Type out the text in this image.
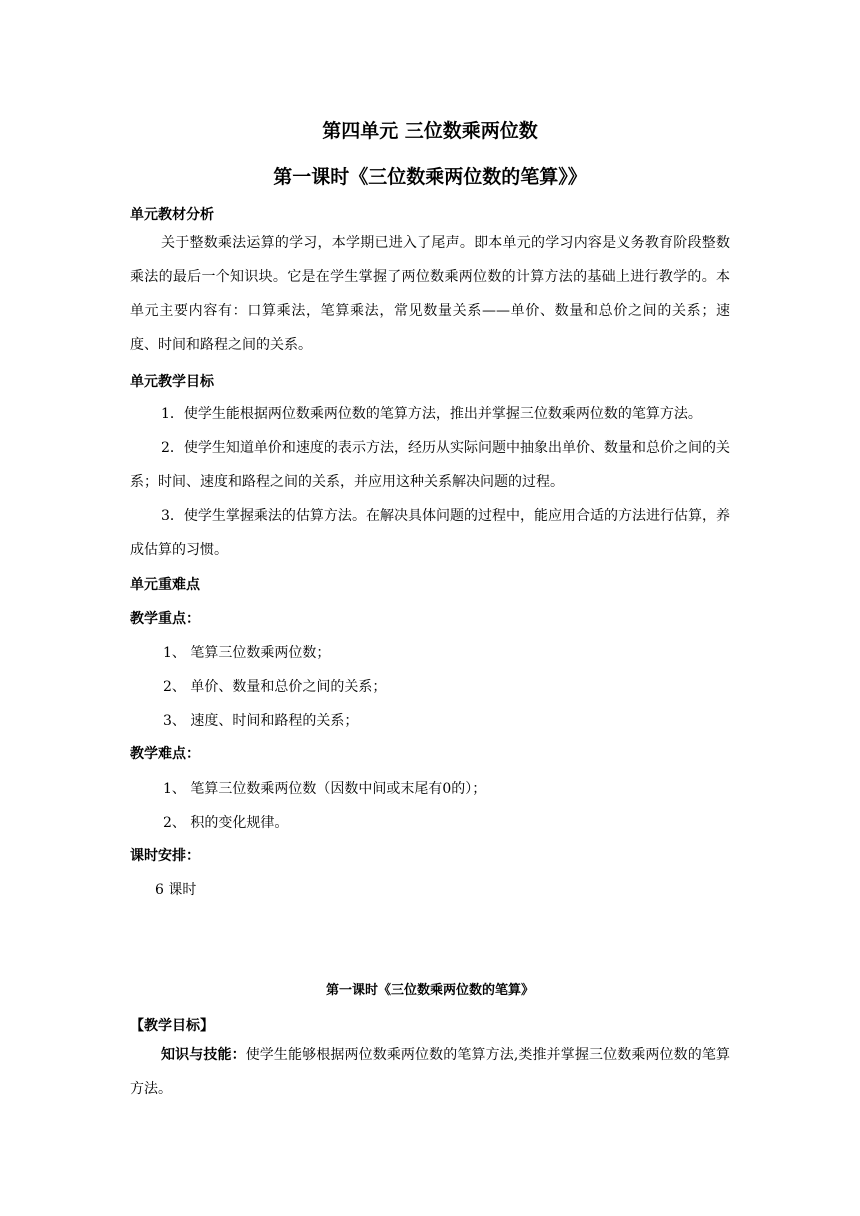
第四单元 三位数乘两位数
第一课时《三位数乘两位数的笔算》》
单元教材分析

关于整数乘法运算的学习，本学期已进入了尾声。即本单元的学习内容是义务教育阶段整数乘法的最后一个知识块。它是在学生掌握了两位数乘两位数的计算方法的基础上进行教学的。本单元主要内容有：口算乘法，笔算乘法，常见数量关系——单价、数量和总价之间的关系；速度、时间和路程之间的关系。

单元教学目标

1．使学生能根据两位数乘两位数的笔算方法，推出并掌握三位数乘两位数的笔算方法。

2．使学生知道单价和速度的表示方法，经历从实际问题中抽象出单价、数量和总价之间的关系；时间、速度和路程之间的关系，并应用这种关系解决问题的过程。

3．使学生掌握乘法的估算方法。在解决具体问题的过程中，能应用合适的方法进行估算，养成估算的习惯。

单元重难点
教学重点：
1、 笔算三位数乘两位数；
2、 单价、数量和总价之间的关系；
3、 速度、时间和路程的关系；
教学难点：
1、 笔算三位数乘两位数（因数中间或末尾有0的）；
2、 积的变化规律。
课时安排：
6 课时
第一课时《三位数乘两位数的笔算》
【教学目标】

知识与技能：使学生能够根据两位数乘两位数的笔算方法,类推并掌握三位数乘两位数的笔算方法。
